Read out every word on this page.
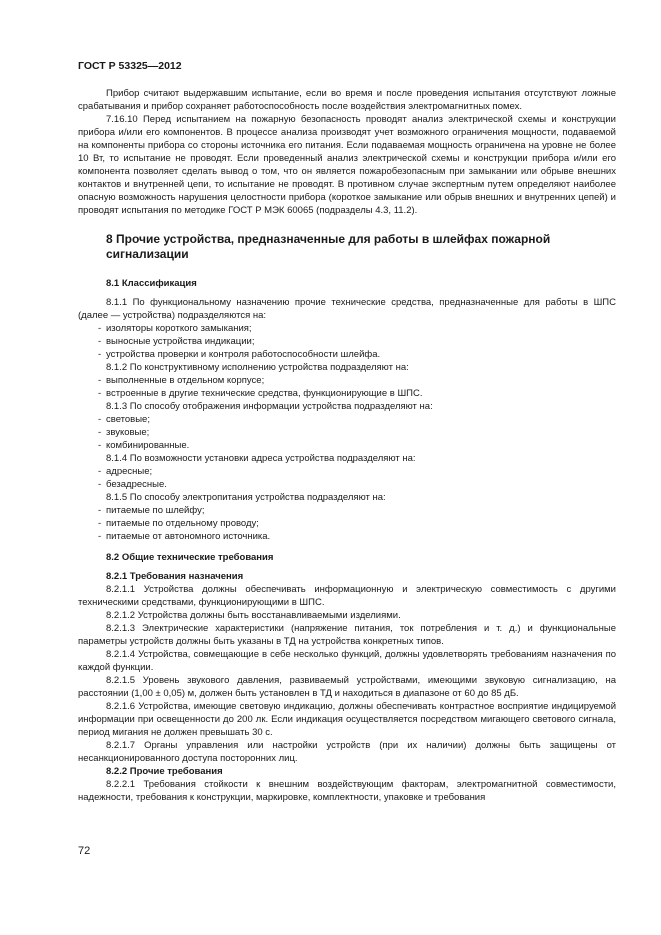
ГОСТ Р 53325—2012

Прибор считают выдержавшим испытание, если во время и после проведения испытания отсутствуют ложные срабатывания и прибор сохраняет работоспособность после воздействия электромагнитных помех.

7.16.10 Перед испытанием на пожарную безопасность проводят анализ электрической схемы и конструкции прибора и/или его компонентов. В процессе анализа производят учет возможного ограничения мощности, подаваемой на компоненты прибора со стороны источника его питания. Если подаваемая мощность ограничена на уровне не более 10 Вт, то испытание не проводят. Если проведенный анализ электрической схемы и конструкции прибора и/или его компонента позволяет сделать вывод о том, что он является пожаробезопасным при замыкании или обрыве внешних контактов и внутренней цепи, то испытание не проводят. В противном случае экспертным путем определяют наиболее опасную возможность нарушения целостности прибора (короткое замыкание или обрыв внешних и внутренних цепей) и проводят испытания по методике ГОСТ Р МЭК 60065 (подразделы 4.3, 11.2).

8 Прочие устройства, предназначенные для работы в шлейфах пожарной сигнализации
8.1 Классификация

8.1.1 По функциональному назначению прочие технические средства, предназначенные для работы в ШПС (далее — устройства) подразделяются на:

- изоляторы короткого замыкания;

- выносные устройства индикации;

- устройства проверки и контроля работоспособности шлейфа.

8.1.2 По конструктивному исполнению устройства подразделяют на:

- выполненные в отдельном корпусе;

- встроенные в другие технические средства, функционирующие в ШПС.

8.1.3 По способу отображения информации устройства подразделяют на:

- световые;

- звуковые;

- комбинированные.

8.1.4 По возможности установки адреса устройства подразделяют на:

- адресные;

- безадресные.

8.1.5 По способу электропитания устройства подразделяют на:

- питаемые по шлейфу;

- питаемые по отдельному проводу;

- питаемые от автономного источника.

8.2 Общие технические требования
8.2.1 Требования назначения

8.2.1.1 Устройства должны обеспечивать информационную и электрическую совместимость с другими техническими средствами, функционирующими в ШПС.

8.2.1.2 Устройства должны быть восстанавливаемыми изделиями.

8.2.1.3 Электрические характеристики (напряжение питания, ток потребления и т. д.) и функциональные параметры устройств должны быть указаны в ТД на устройства конкретных типов.

8.2.1.4 Устройства, совмещающие в себе несколько функций, должны удовлетворять требованиям назначения по каждой функции.

8.2.1.5 Уровень звукового давления, развиваемый устройствами, имеющими звуковую сигнализацию, на расстоянии (1,00 ± 0,05) м, должен быть установлен в ТД и находиться в диапазоне от 60 до 85 дБ.

8.2.1.6 Устройства, имеющие световую индикацию, должны обеспечивать контрастное восприятие индицируемой информации при освещенности до 200 лк. Если индикация осуществляется посредством мигающего светового сигнала, период мигания не должен превышать 30 с.

8.2.1.7 Органы управления или настройки устройств (при их наличии) должны быть защищены от несанкционированного доступа посторонних лиц.

8.2.2 Прочие требования

8.2.2.1 Требования стойкости к внешним воздействующим факторам, электромагнитной совместимости, надежности, требования к конструкции, маркировке, комплектности, упаковке и требования

72
